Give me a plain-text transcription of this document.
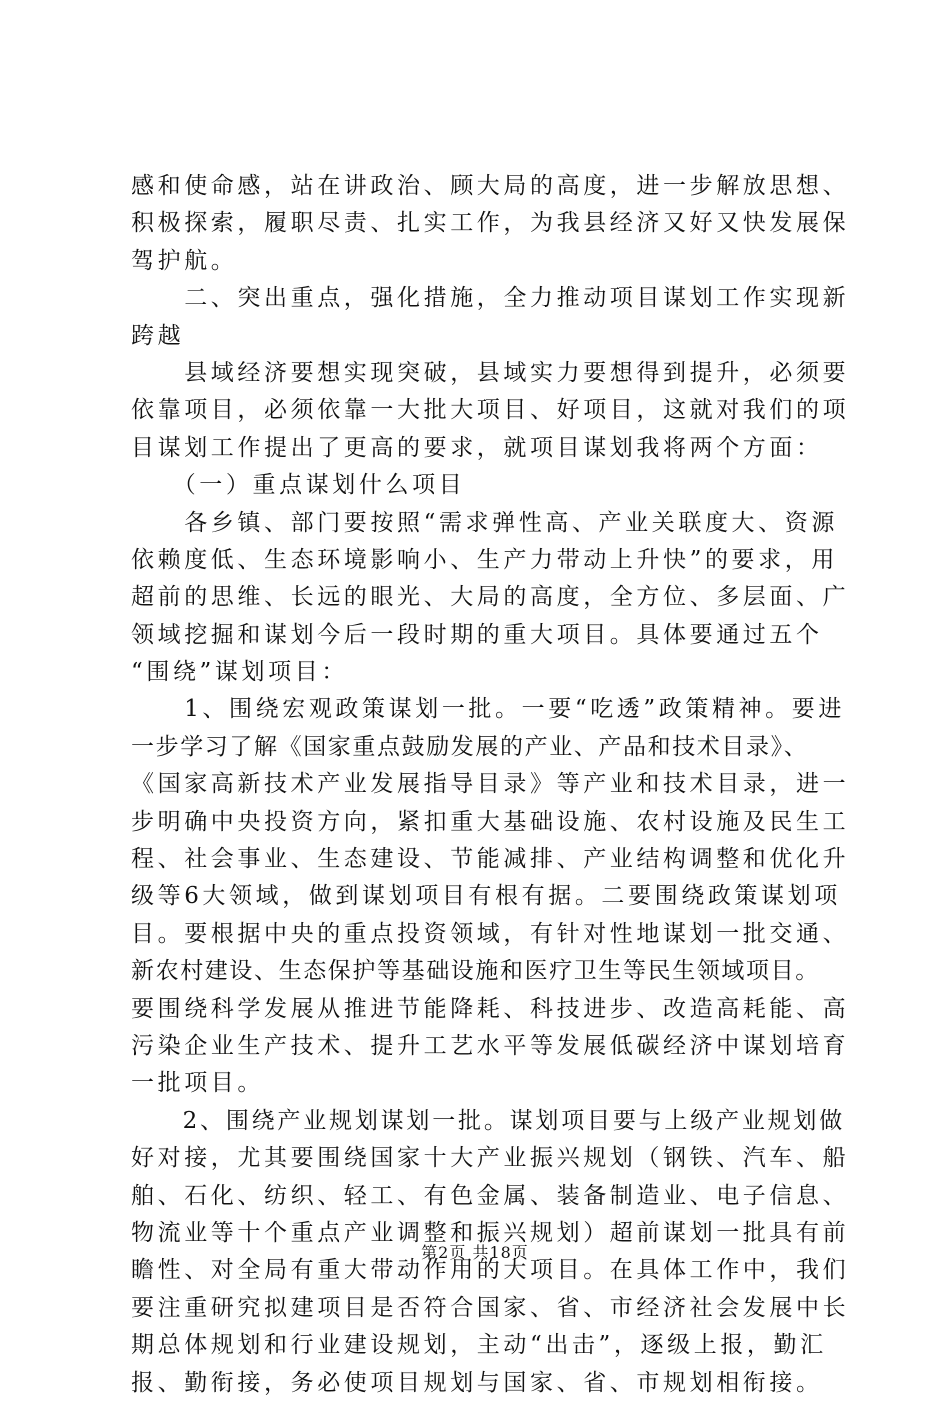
感和使命感，站在讲政治、顾大局的高度，进一步解放思想、
积极探索，履职尽责、扎实工作，为我县经济又好又快发展保
驾护航。
　　二、突出重点，强化措施，全力推动项目谋划工作实现新
跨越
　　县域经济要想实现突破，县域实力要想得到提升，必须要
依靠项目，必须依靠一大批大项目、好项目，这就对我们的项
目谋划工作提出了更高的要求，就项目谋划我将两个方面：
　　（一）重点谋划什么项目
　　各乡镇、部门要按照“需求弹性高、产业关联度大、资源
依赖度低、生态环境影响小、生产力带动上升快”的要求，用
超前的思维、长远的眼光、大局的高度，全方位、多层面、广
领域挖掘和谋划今后一段时期的重大项目。具体要通过五个
“围绕”谋划项目：
　　1、围绕宏观政策谋划一批。一要“吃透”政策精神。要进
一步学习了解《国家重点鼓励发展的产业、产品和技术目录》、
《国家高新技术产业发展指导目录》等产业和技术目录，进一
步明确中央投资方向，紧扣重大基础设施、农村设施及民生工
程、社会事业、生态建设、节能减排、产业结构调整和优化升
级等6大领域，做到谋划项目有根有据。二要围绕政策谋划项
目。要根据中央的重点投资领域，有针对性地谋划一批交通、
新农村建设、生态保护等基础设施和医疗卫生等民生领域项目。
要围绕科学发展从推进节能降耗、科技进步、改造高耗能、高
污染企业生产技术、提升工艺水平等发展低碳经济中谋划培育
一批项目。
　　2、围绕产业规划谋划一批。谋划项目要与上级产业规划做
好对接，尤其要围绕国家十大产业振兴规划（钢铁、汽车、船
舶、石化、纺织、轻工、有色金属、装备制造业、电子信息、
物流业等十个重点产业调整和振兴规划）超前谋划一批具有前
瞻性、对全局有重大带动作用的大项目。在具体工作中，我们
要注重研究拟建项目是否符合国家、省、市经济社会发展中长
期总体规划和行业建设规划，主动“出击”，逐级上报，勤汇
报、勤衔接，务必使项目规划与国家、省、市规划相衔接。
第2页 共18页
